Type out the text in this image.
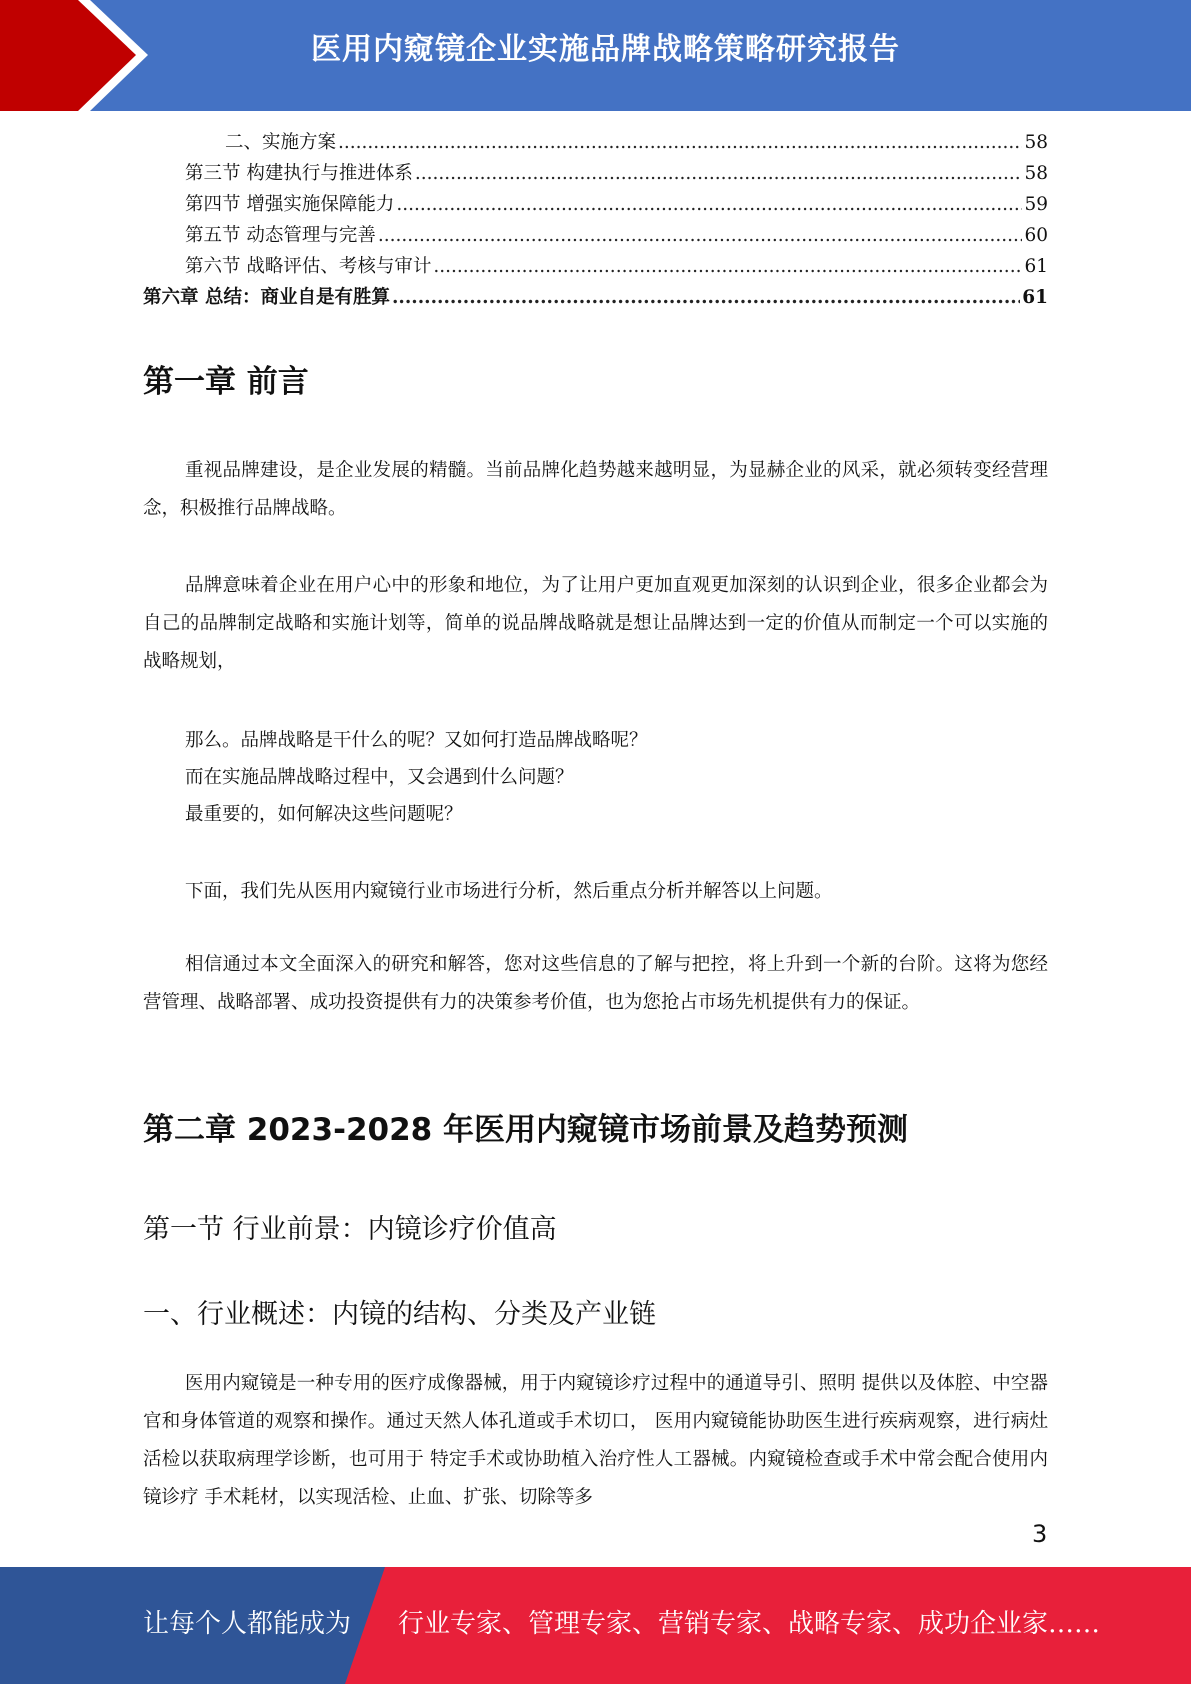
医用内窥镜企业实施品牌战略策略研究报告
二、实施方案 .....	58
第三节 构建执行与推进体系 .....	58
第四节 增强实施保障能力 .....	59
第五节 动态管理与完善 .....	60
第六节 战略评估、考核与审计 .....	61
第六章 总结：商业自是有胜算 .....	61
第一章 前言

重视品牌建设，是企业发展的精髓。当前品牌化趋势越来越明显，为显赫企业的风采，就必须转变经营理念，积极推行品牌战略。

品牌意味着企业在用户心中的形象和地位，为了让用户更加直观更加深刻的认识到企业，很多企业都会为自己的品牌制定战略和实施计划等，简单的说品牌战略就是想让品牌达到一定的价值从而制定一个可以实施的战略规划，

那么。品牌战略是干什么的呢？又如何打造品牌战略呢？
而在实施品牌战略过程中，又会遇到什么问题？
最重要的，如何解决这些问题呢？
下面，我们先从医用内窥镜行业市场进行分析，然后重点分析并解答以上问题。

相信通过本文全面深入的研究和解答，您对这些信息的了解与把控，将上升到一个新的台阶。这将为您经营管理、战略部署、成功投资提供有力的决策参考价值，也为您抢占市场先机提供有力的保证。

第二章 2023-2028 年医用内窥镜市场前景及趋势预测
第一节 行业前景：内镜诊疗价值高
一、行业概述：内镜的结构、分类及产业链

医用内窥镜是一种专用的医疗成像器械，用于内窥镜诊疗过程中的通道导引、照明 提供以及体腔、中空器官和身体管道的观察和操作。通过天然人体孔道或手术切口， 医用内窥镜能协助医生进行疾病观察，进行病灶活检以获取病理学诊断，也可用于 特定手术或协助植入治疗性人工器械。内窥镜检查或手术中常会配合使用内镜诊疗 手术耗材，以实现活检、止血、扩张、切除等多

3
让每个人都能成为 行业专家、管理专家、营销专家、战略专家、成功企业家……
